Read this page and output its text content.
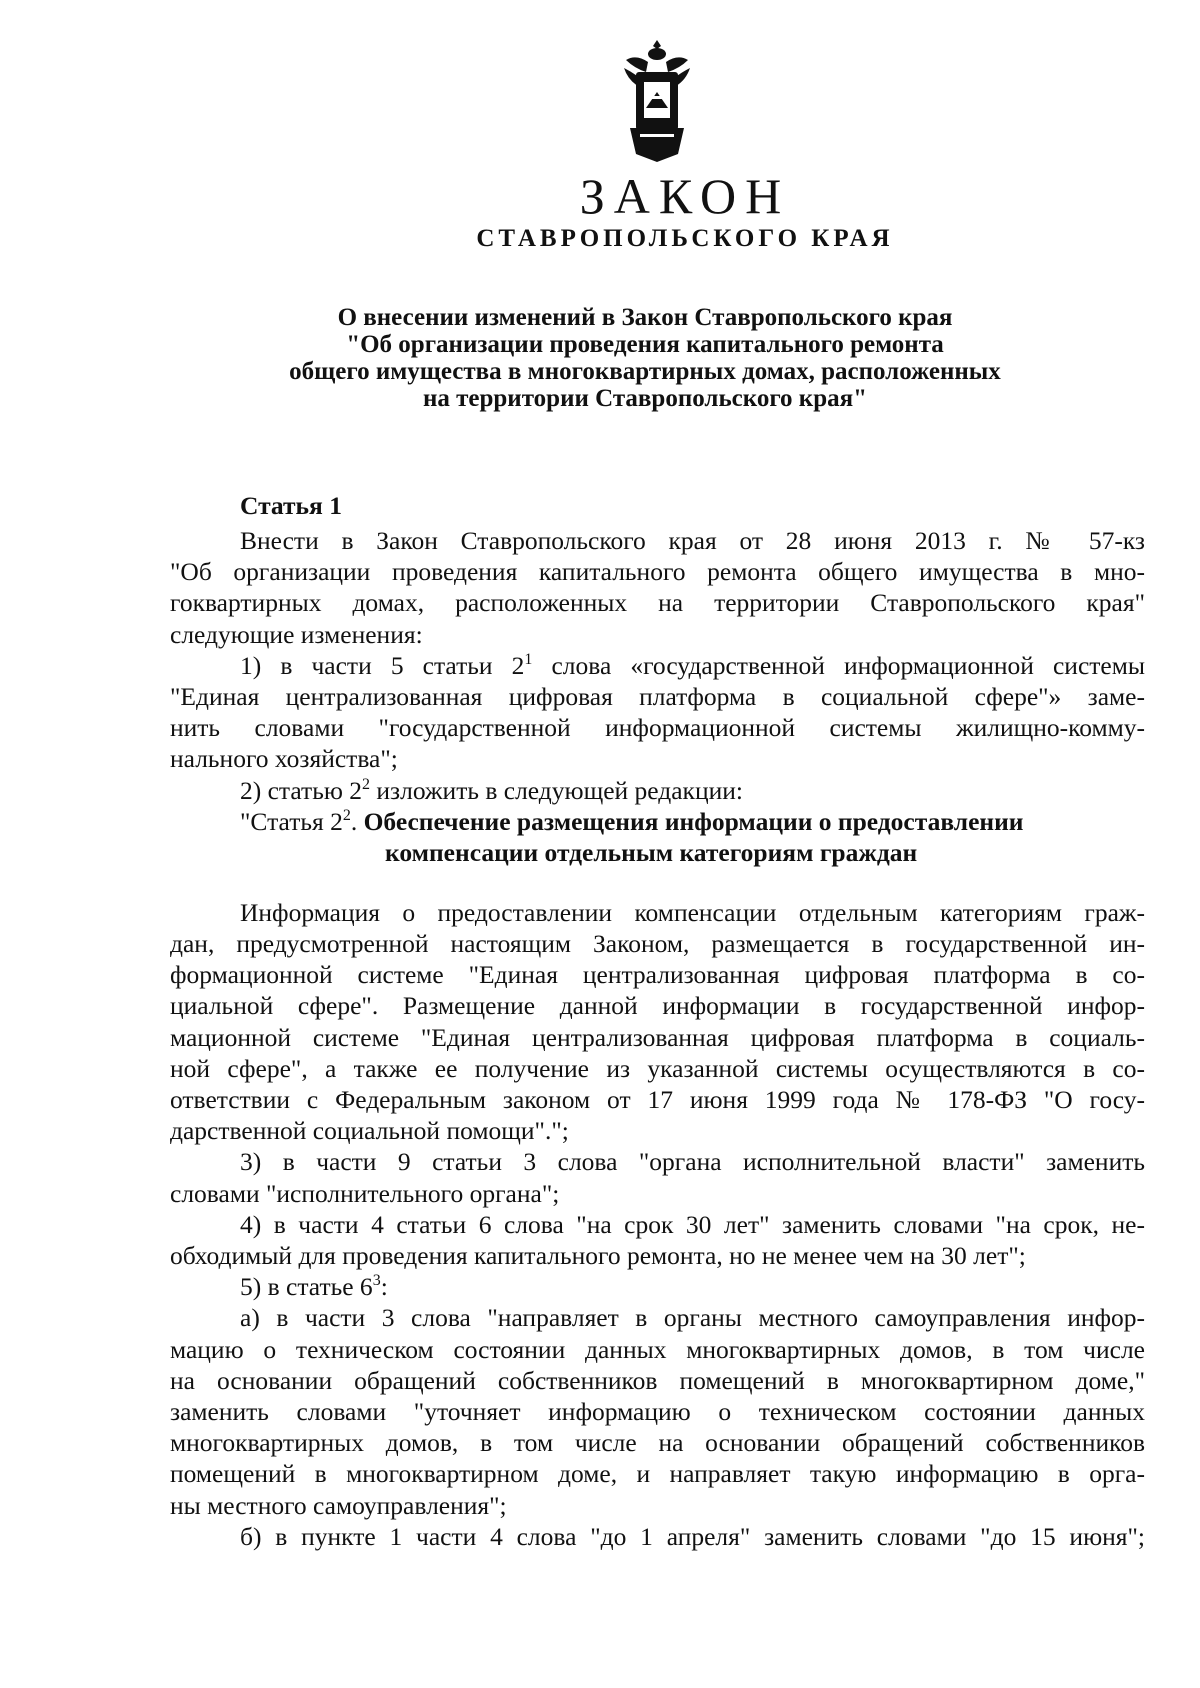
ЗАКОН
СТАВРОПОЛЬСКОГО КРАЯ
О внесении изменений в Закон Ставропольского края
"Об организации проведения капитального ремонта
общего имущества в многоквартирных домах, расположенных
на территории Ставропольского края"
Статья 1
Внести в Закон Ставропольского края от 28 июня 2013 г. № 57-кз
"Об организации проведения капитального ремонта общего имущества в мно-
гоквартирных домах, расположенных на территории Ставропольского края"
следующие изменения:
1) в части 5 статьи $2^1$ слова «государственной информационной системы
"Единая централизованная цифровая платформа в социальной сфере"» заме-
нить словами "государственной информационной системы жилищно-комму-
нального хозяйства";
2) статью $2^2$ изложить в следующей редакции:
"Статья $2^2$. Обеспечение размещения информации о предоставлении
компенсации отдельным категориям граждан
Информация о предоставлении компенсации отдельным категориям граж-
дан, предусмотренной настоящим Законом, размещается в государственной ин-
формационной системе "Единая централизованная цифровая платформа в со-
циальной сфере". Размещение данной информации в государственной инфор-
мационной системе "Единая централизованная цифровая платформа в социаль-
ной сфере", а также ее получение из указанной системы осуществляются в со-
ответствии с Федеральным законом от 17 июня 1999 года № 178-ФЗ "О госу-
дарственной социальной помощи".";
3) в части 9 статьи 3 слова "органа исполнительной власти" заменить
словами "исполнительного органа";
4) в части 4 статьи 6 слова "на срок 30 лет" заменить словами "на срок, не-
обходимый для проведения капитального ремонта, но не менее чем на 30 лет";
5) в статье $6^3$:
а) в части 3 слова "направляет в органы местного самоуправления инфор-
мацию о техническом состоянии данных многоквартирных домов, в том числе
на основании обращений собственников помещений в многоквартирном доме,"
заменить словами "уточняет информацию о техническом состоянии данных
многоквартирных домов, в том числе на основании обращений собственников
помещений в многоквартирном доме, и направляет такую информацию в орга-
ны местного самоуправления";
б) в пункте 1 части 4 слова "до 1 апреля" заменить словами "до 15 июня";
